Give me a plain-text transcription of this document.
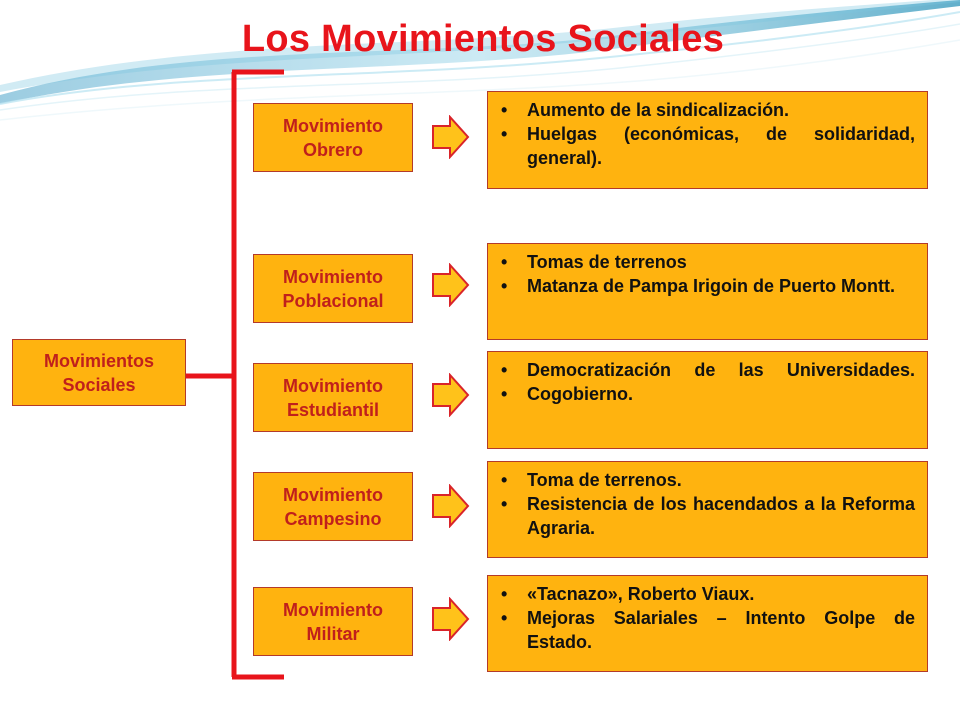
Los Movimientos Sociales
Movimientos
Sociales
Movimiento
Obrero
• Aumento de la sindicalización.
• Huelgas (económicas, de solidaridad, general).
Movimiento
Poblacional
• Tomas de terrenos
• Matanza de Pampa Irigoin de Puerto Montt.
Movimiento
Estudiantil
• Democratización de las Universidades.
• Cogobierno.
Movimiento
Campesino
• Toma de terrenos.
• Resistencia de los hacendados a la Reforma Agraria.
Movimiento
Militar
• «Tacnazo», Roberto Viaux.
• Mejoras Salariales – Intento Golpe de Estado.
